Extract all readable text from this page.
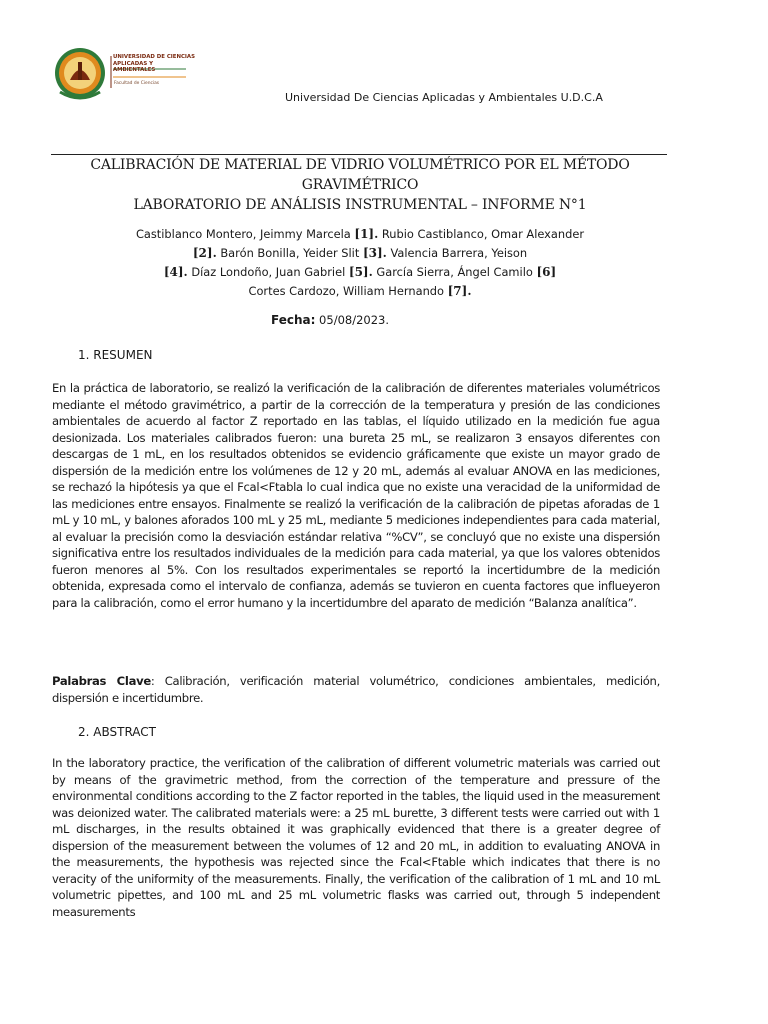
UNIVERSIDAD DE CIENCIAS
APLICADAS Y AMBIENTALES
Facultad de Ciencias
Universidad De Ciencias Aplicadas y Ambientales U.D.C.A
CALIBRACIÓN DE MATERIAL DE VIDRIO VOLUMÉTRICO POR EL MÉTODO
GRAVIMÉTRICO
LABORATORIO DE ANÁLISIS INSTRUMENTAL – INFORME N°1
Castiblanco Montero, Jeimmy Marcela [1]. Rubio Castiblanco, Omar Alexander [2]. Barón Bonilla, Yeider Slit [3]. Valencia Barrera, Yeison
[4]. Díaz Londoño, Juan Gabriel [5]. García Sierra, Ángel Camilo [6]
Cortes Cardozo, William Hernando [7].
Fecha: 05/08/2023.
1. RESUMEN

En la práctica de laboratorio, se realizó la verificación de la calibración de diferentes materiales volumétricos mediante el método gravimétrico, a partir de la corrección de la temperatura y presión de las condiciones ambientales de acuerdo al factor Z reportado en las tablas, el líquido utilizado en la medición fue agua desionizada. Los materiales calibrados fueron: una bureta 25 mL, se realizaron 3 ensayos diferentes con descargas de 1 mL, en los resultados obtenidos se evidencio gráficamente que existe un mayor grado de dispersión de la medición entre los volúmenes de 12 y 20 mL, además al evaluar ANOVA en las mediciones, se rechazó la hipótesis ya que el Fcal<Ftabla lo cual indica que no existe una veracidad de la uniformidad de las mediciones entre ensayos. Finalmente se realizó la verificación de la calibración de pipetas aforadas de 1 mL y 10 mL, y balones aforados 100 mL y 25 mL, mediante 5 mediciones independientes para cada material, al evaluar la precisión como la desviación estándar relativa “%CV”, se concluyó que no existe una dispersión significativa entre los resultados individuales de la medición para cada material, ya que los valores obtenidos fueron menores al 5%. Con los resultados experimentales se reportó la incertidumbre de la medición obtenida, expresada como el intervalo de confianza, además se tuvieron en cuenta factores que influeyeron para la calibración, como el error humano y la incertidumbre del aparato de medición “Balanza analítica”.

Palabras Clave: Calibración, verificación material volumétrico, condiciones ambientales, medición, dispersión e incertidumbre.

2. ABSTRACT

In the laboratory practice, the verification of the calibration of different volumetric materials was carried out by means of the gravimetric method, from the correction of the temperature and pressure of the environmental conditions according to the Z factor reported in the tables, the liquid used in the measurement was deionized water. The calibrated materials were: a 25 mL burette, 3 different tests were carried out with 1 mL discharges, in the results obtained it was graphically evidenced that there is a greater degree of dispersion of the measurement between the volumes of 12 and 20 mL, in addition to evaluating ANOVA in the measurements, the hypothesis was rejected since the Fcal<Ftable which indicates that there is no veracity of the uniformity of the measurements. Finally, the verification of the calibration of 1 mL and 10 mL volumetric pipettes, and 100 mL and 25 mL volumetric flasks was carried out, through 5 independent measurements
